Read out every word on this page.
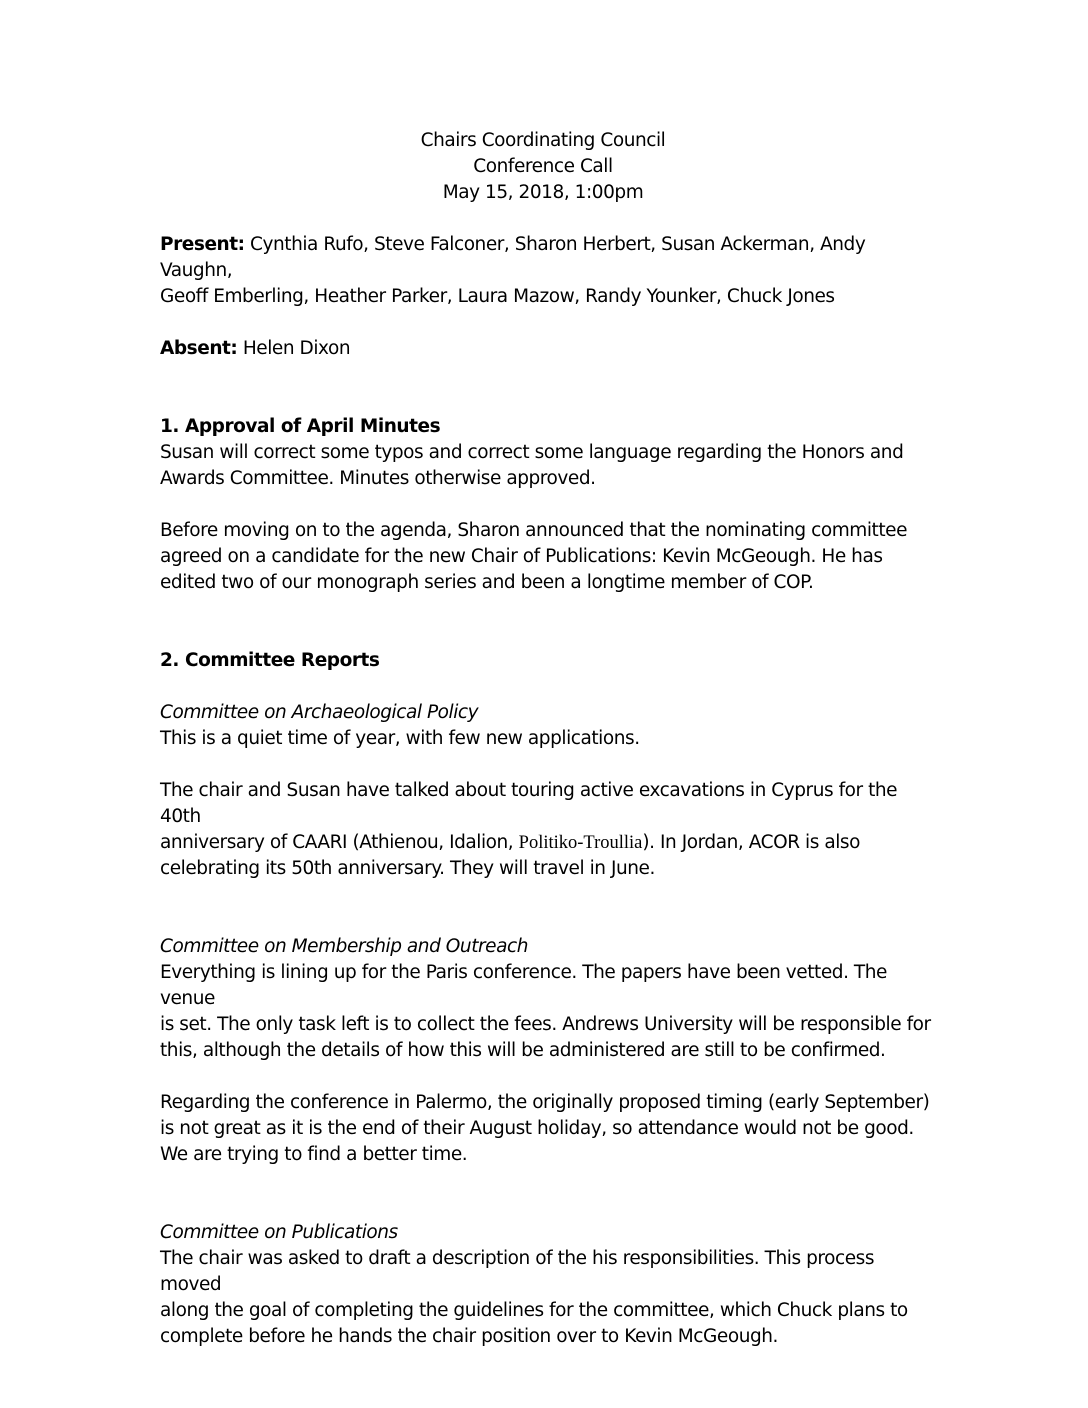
Chairs Coordinating Council
Conference Call
May 15, 2018, 1:00pm

Present: Cynthia Rufo, Steve Falconer, Sharon Herbert, Susan Ackerman, Andy Vaughn,

Geoff Emberling, Heather Parker, Laura Mazow, Randy Younker, Chuck Jones

Absent: Helen Dixon

1. Approval of April Minutes

Susan will correct some typos and correct some language regarding the Honors and

Awards Committee. Minutes otherwise approved.

Before moving on to the agenda, Sharon announced that the nominating committee

agreed on a candidate for the new Chair of Publications: Kevin McGeough. He has

edited two of our monograph series and been a longtime member of COP.

2. Committee Reports

Committee on Archaeological Policy

This is a quiet time of year, with few new applications.

The chair and Susan have talked about touring active excavations in Cyprus for the 40th

anniversary of CAARI (Athienou, Idalion, Politiko-Troullia). In Jordan, ACOR is also

celebrating its 50th anniversary. They will travel in June.

Committee on Membership and Outreach

Everything is lining up for the Paris conference. The papers have been vetted. The venue

is set. The only task left is to collect the fees. Andrews University will be responsible for

this, although the details of how this will be administered are still to be confirmed.

Regarding the conference in Palermo, the originally proposed timing (early September)

is not great as it is the end of their August holiday, so attendance would not be good.

We are trying to find a better time.

Committee on Publications

The chair was asked to draft a description of the his responsibilities. This process moved

along the goal of completing the guidelines for the committee, which Chuck plans to

complete before he hands the chair position over to Kevin McGeough.
